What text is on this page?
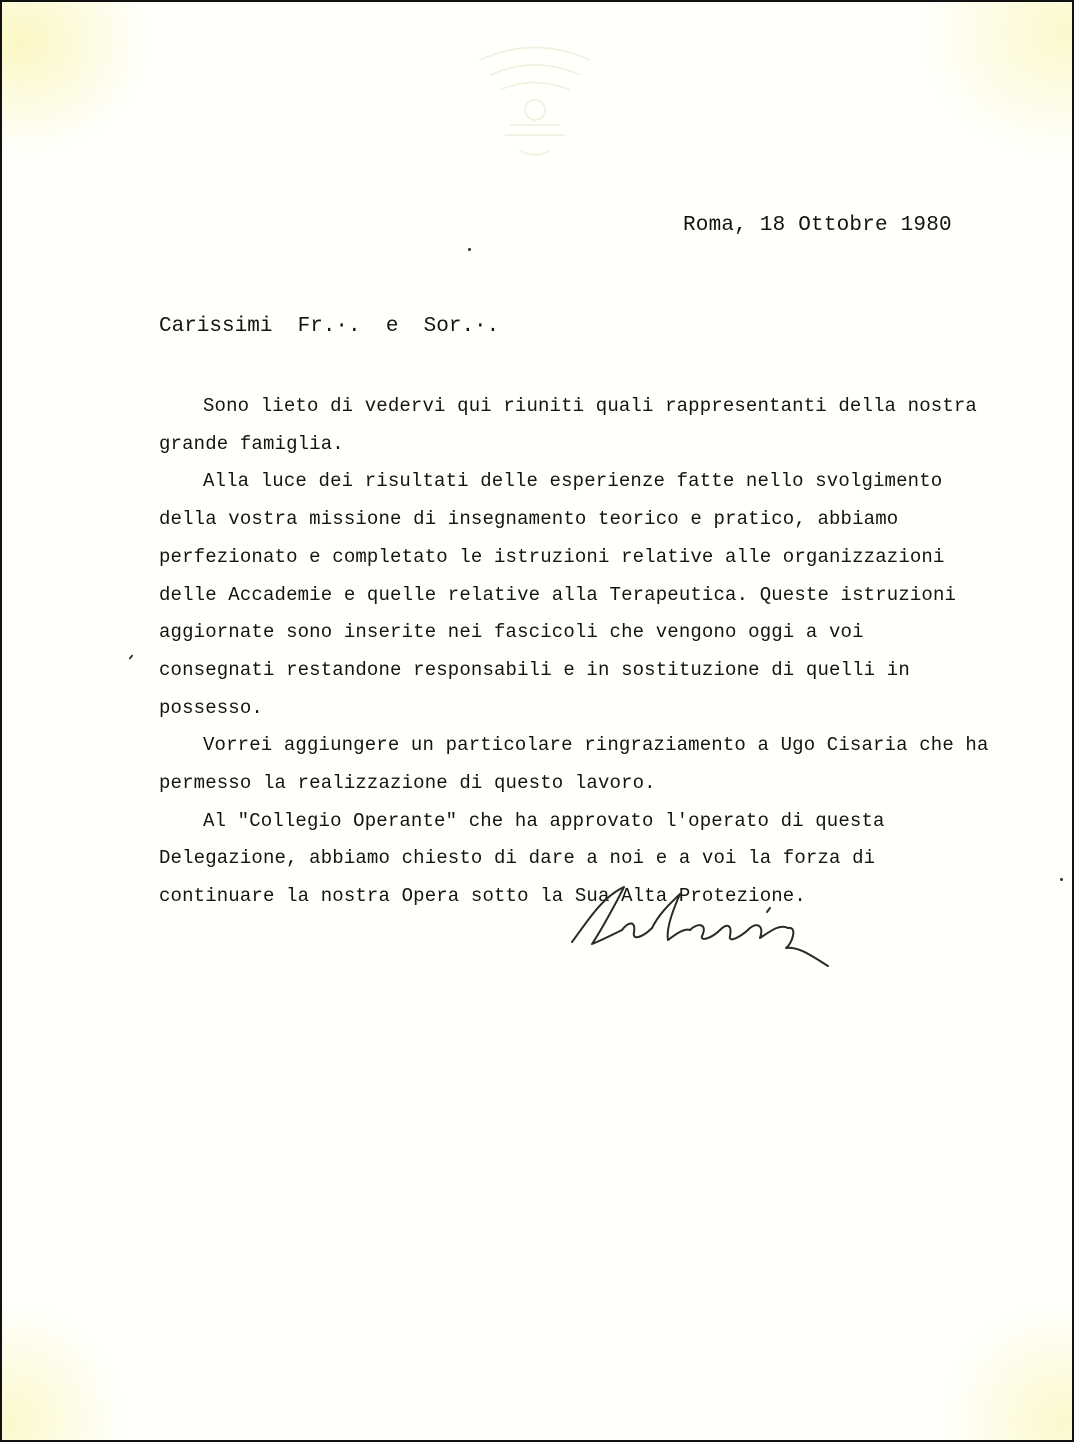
Roma, 18 Ottobre 1980
Carissimi  Fr.·.  e  Sor.·.

Sono lieto di vedervi qui riuniti quali rappresentanti della nostra grande famiglia.

Alla luce dei risultati delle esperienze fatte nello svolgimento della vostra missione di insegnamento teorico e pratico, abbiamo perfezionato e completato le istruzioni relative alle organizzazioni delle Accademie e quelle relative alla Terapeutica. Queste istruzioni aggiornate sono inserite nei fascicoli che vengono oggi a voi consegnati restandone responsabili e in sostituzione di quelli in possesso.

Vorrei aggiungere un particolare ringraziamento a Ugo Cisaria che ha permesso la realizzazione di questo lavoro.

Al "Collegio Operante" che ha approvato l'operato di questa Delegazione, abbiamo chiesto di dare a noi e a voi la forza di continuare la nostra Opera sotto la Sua Alta Protezione.
